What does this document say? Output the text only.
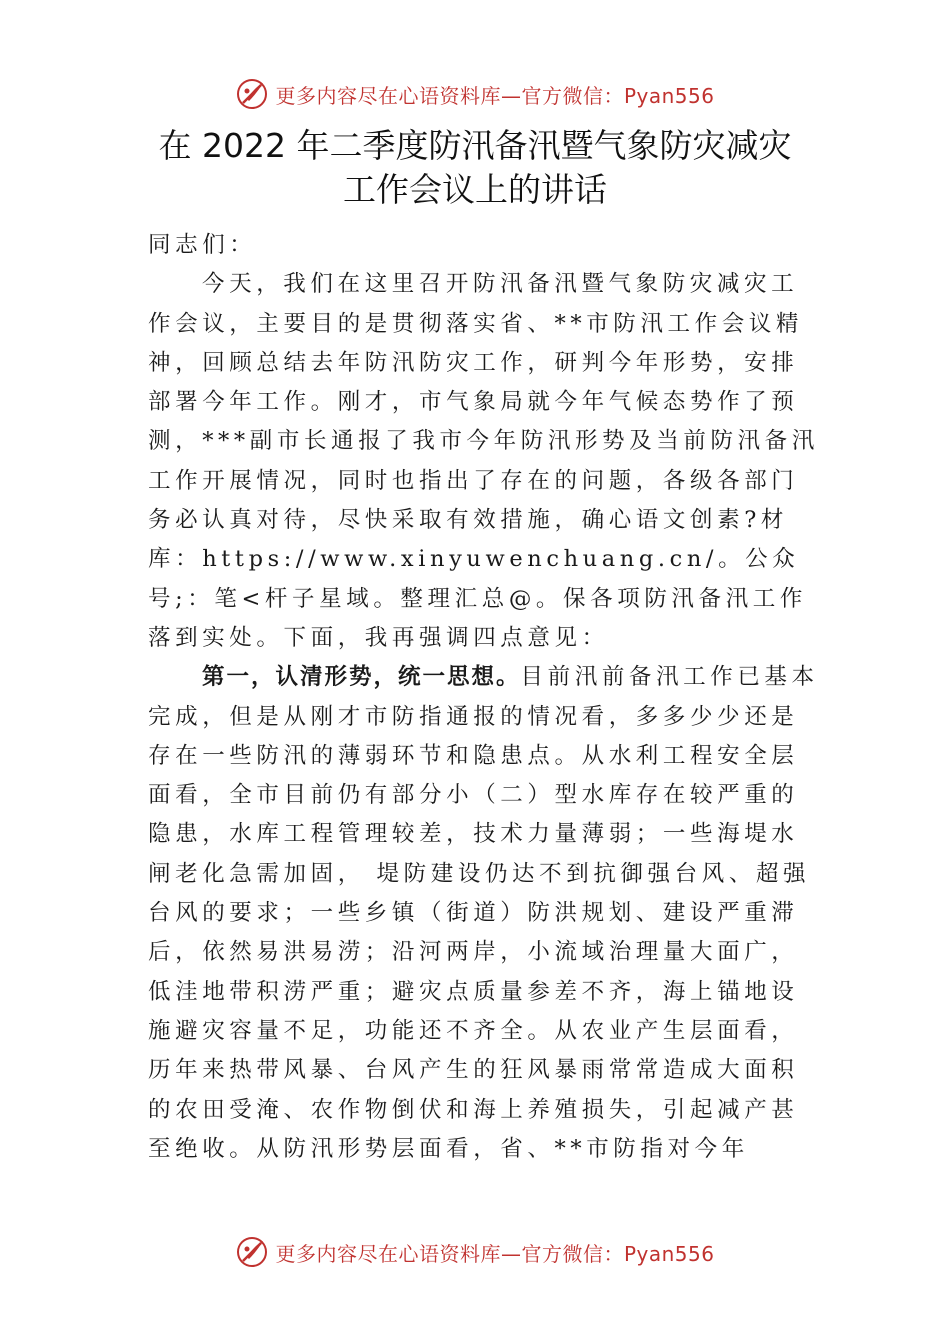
更多内容尽在心语资料库—官方微信：Pyan556
在 2022 年二季度防汛备汛暨气象防灾减灾
工作会议上的讲话

同志们：

今天，我们在这里召开防汛备汛暨气象防灾减灾工作会议，主要目的是贯彻落实省、**市防汛工作会议精神，回顾总结去年防汛防灾工作，研判今年形势，安排部署今年工作。刚才，市气象局就今年气候态势作了预测，***副市长通报了我市今年防汛形势及当前防汛备汛工作开展情况，同时也指出了存在的问题，各级各部门务必认真对待，尽快采取有效措施，确心语文创素?材库：https://www.xinyuwenchuang.cn/。公众号;：笔<杆子星域。整理汇总@。保各项防汛备汛工作落到实处。下面，我再强调四点意见：

第一，认清形势，统一思想。目前汛前备汛工作已基本完成，但是从刚才市防指通报的情况看，多多少少还是存在一些防汛的薄弱环节和隐患点。从水利工程安全层面看，全市目前仍有部分小（二）型水库存在较严重的隐患，水库工程管理较差，技术力量薄弱；一些海堤水闸老化急需加固， 堤防建设仍达不到抗御强台风、超强台风的要求；一些乡镇（街道）防洪规划、建设严重滞后，依然易洪易涝；沿河两岸，小流域治理量大面广，低洼地带积涝严重；避灾点质量参差不齐，海上锚地设施避灾容量不足，功能还不齐全。从农业产生层面看，历年来热带风暴、台风产生的狂风暴雨常常造成大面积的农田受淹、农作物倒伏和海上养殖损失，引起减产甚至绝收。从防汛形势层面看，省、**市防指对今年

更多内容尽在心语资料库—官方微信：Pyan556
